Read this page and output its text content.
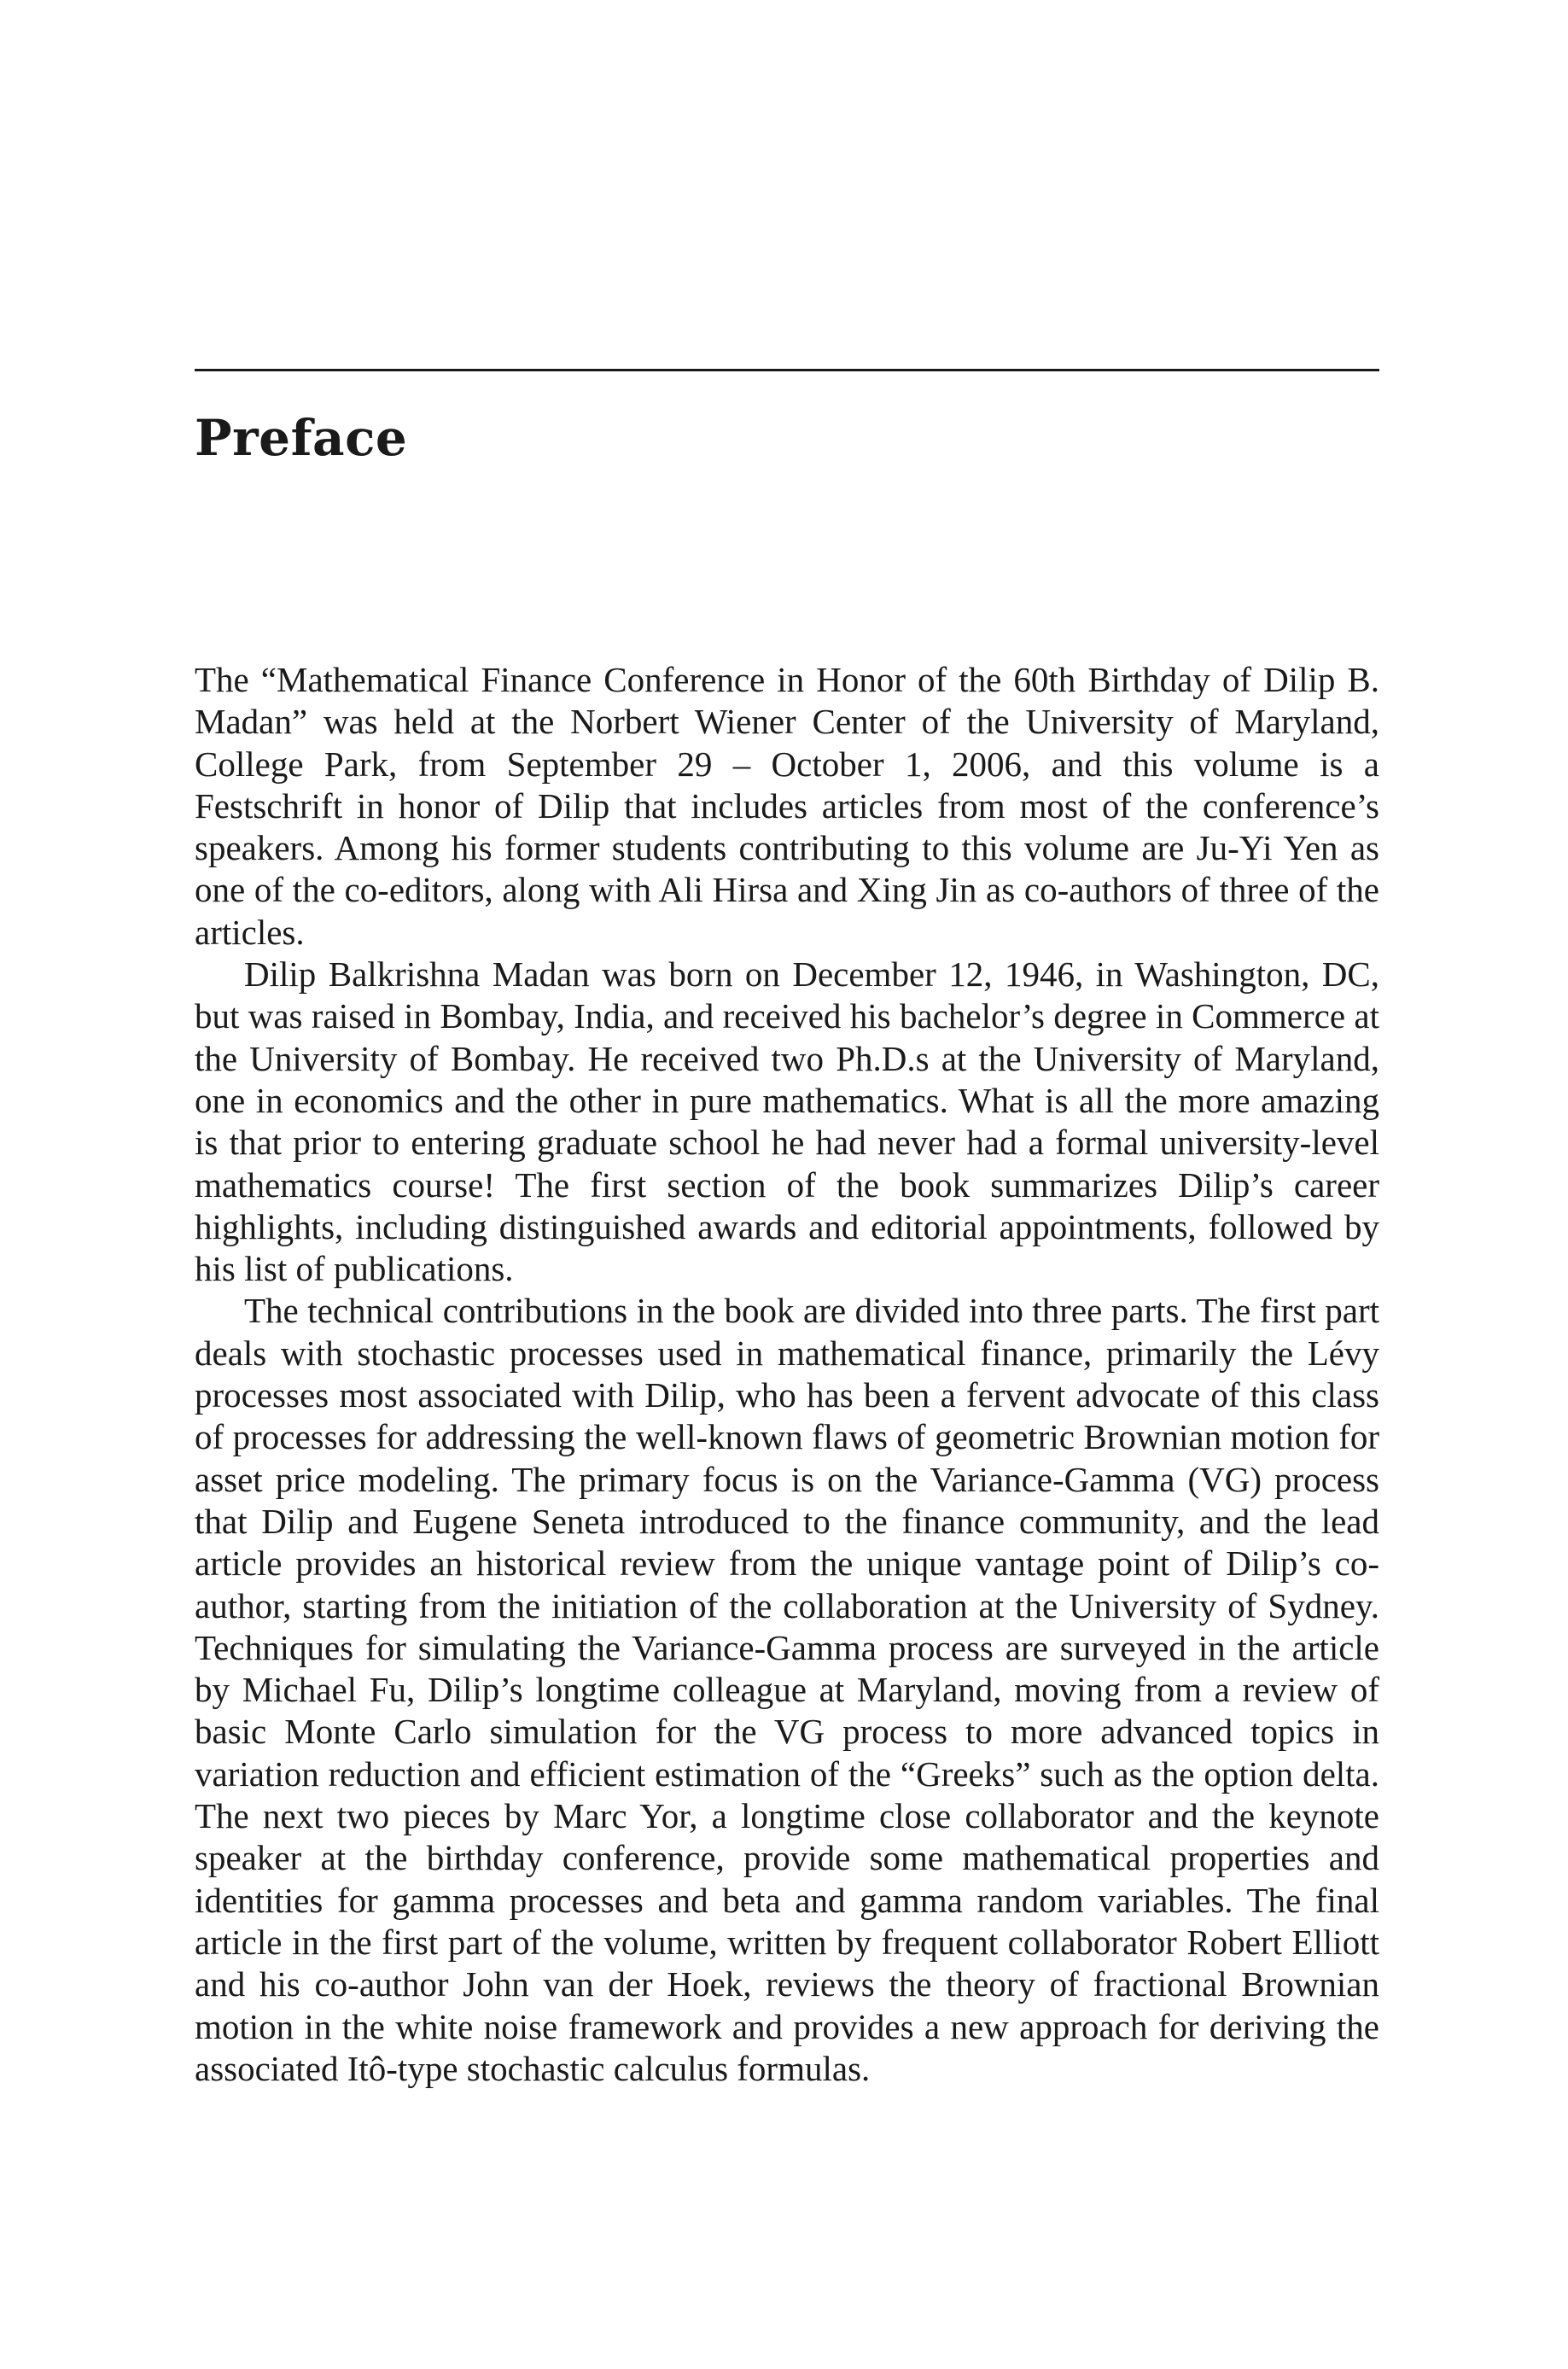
Preface

The “Mathematical Finance Conference in Honor of the 60th Birthday of Dilip B. Madan” was held at the Norbert Wiener Center of the University of Maryland, College Park, from September 29 – October 1, 2006, and this volume is a Festschrift in honor of Dilip that includes articles from most of the conference’s speakers. Among his former students contributing to this volume are Ju-Yi Yen as one of the co-editors, along with Ali Hirsa and Xing Jin as co-authors of three of the articles.

Dilip Balkrishna Madan was born on December 12, 1946, in Washington, DC, but was raised in Bombay, India, and received his bachelor’s degree in Commerce at the University of Bombay. He received two Ph.D.s at the University of Maryland, one in economics and the other in pure mathematics. What is all the more amazing is that prior to entering graduate school he had never had a formal university-level mathematics course! The first section of the book summarizes Dilip’s career highlights, including distinguished awards and editorial appointments, followed by his list of publications.

The technical contributions in the book are divided into three parts. The first part deals with stochastic processes used in mathematical finance, primarily the Lévy processes most associated with Dilip, who has been a fervent advocate of this class of processes for addressing the well-known flaws of geometric Brownian motion for asset price modeling. The primary focus is on the Variance-Gamma (VG) process that Dilip and Eugene Seneta introduced to the finance community, and the lead article provides an historical review from the unique vantage point of Dilip’s co-author, starting from the initiation of the collaboration at the University of Sydney. Techniques for simulating the Variance-Gamma process are surveyed in the article by Michael Fu, Dilip’s longtime colleague at Maryland, moving from a review of basic Monte Carlo simulation for the VG process to more advanced topics in variation reduction and efficient estimation of the “Greeks” such as the option delta. The next two pieces by Marc Yor, a longtime close collaborator and the keynote speaker at the birthday conference, provide some mathematical properties and identities for gamma processes and beta and gamma random variables. The final article in the first part of the volume, written by frequent collaborator Robert Elliott and his co-author John van der Hoek, reviews the theory of fractional Brownian motion in the white noise framework and provides a new approach for deriving the associated Itô-type stochastic calculus formulas.
